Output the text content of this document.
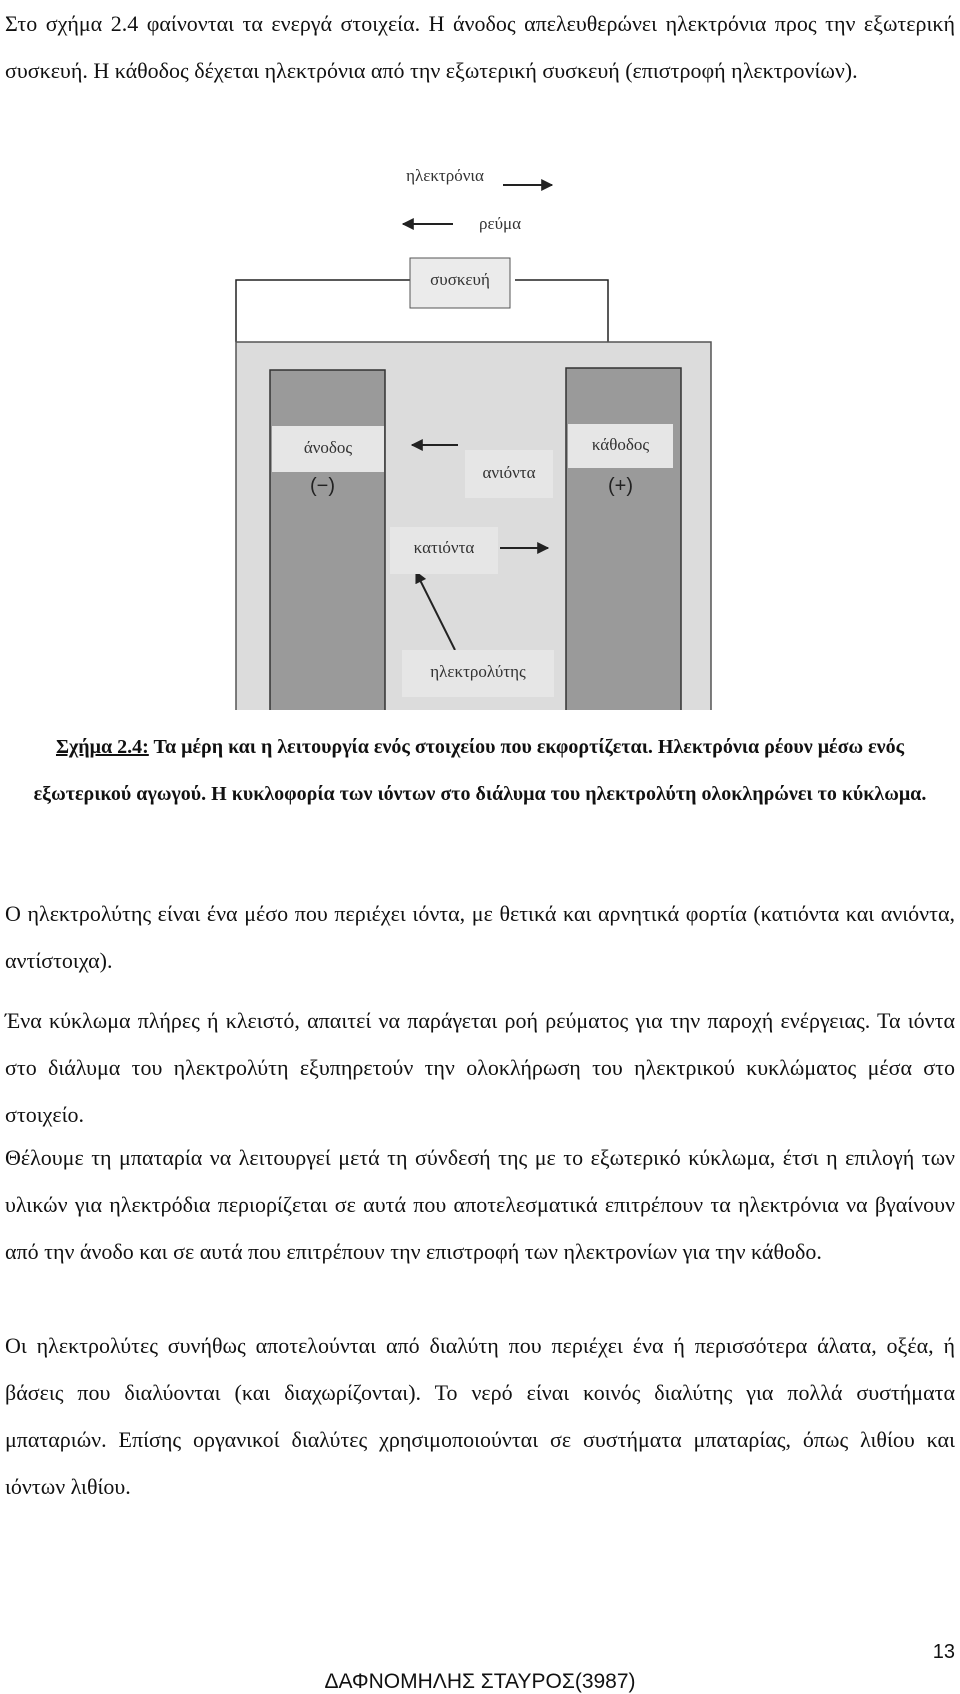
Στο σχήμα 2.4 φαίνονται τα ενεργά στοιχεία. Η άνοδος απελευθερώνει ηλεκτρόνια προς την εξωτερική συσκευή. Η κάθοδος δέχεται ηλεκτρόνια από την εξωτερική συσκευή (επιστροφή ηλεκτρονίων).

ηλεκτρόνια
ρεύμα
συσκευή
άνοδος
(−)
κάθοδος
(+)
ανιόντα
κατιόντα
ηλεκτρολύτης

Σχήμα 2.4: Τα μέρη και η λειτουργία ενός στοιχείου που εκφορτίζεται. Ηλεκτρόνια ρέουν μέσω ενός εξωτερικού αγωγού. Η κυκλοφορία των ιόντων στο διάλυμα του ηλεκτρολύτη ολοκληρώνει το κύκλωμα.

Ο ηλεκτρολύτης είναι ένα μέσο που περιέχει ιόντα, με θετικά και αρνητικά φορτία (κατιόντα και ανιόντα, αντίστοιχα).

Ένα κύκλωμα πλήρες ή κλειστό, απαιτεί να παράγεται ροή ρεύματος για την παροχή ενέργειας. Τα ιόντα στο διάλυμα του ηλεκτρολύτη εξυπηρετούν την ολοκλήρωση του ηλεκτρικού κυκλώματος μέσα στο στοιχείο.

Θέλουμε τη μπαταρία να λειτουργεί μετά τη σύνδεσή της με το εξωτερικό κύκλωμα, έτσι η επιλογή των υλικών για ηλεκτρόδια περιορίζεται σε αυτά που αποτελεσματικά επιτρέπουν τα ηλεκτρόνια να βγαίνουν από την άνοδο και σε αυτά που επιτρέπουν την επιστροφή των ηλεκτρονίων για την κάθοδο.

Οι ηλεκτρολύτες συνήθως αποτελούνται από διαλύτη που περιέχει ένα ή περισσότερα άλατα, οξέα, ή βάσεις που διαλύονται (και διαχωρίζονται). Το νερό είναι κοινός διαλύτης για πολλά συστήματα μπαταριών. Επίσης οργανικοί διαλύτες χρησιμοποιούνται σε συστήματα μπαταρίας, όπως λιθίου και ιόντων λιθίου.

13
ΔΑΦΝΟΜΗΛΗΣ ΣΤΑΥΡΟΣ(3987)
